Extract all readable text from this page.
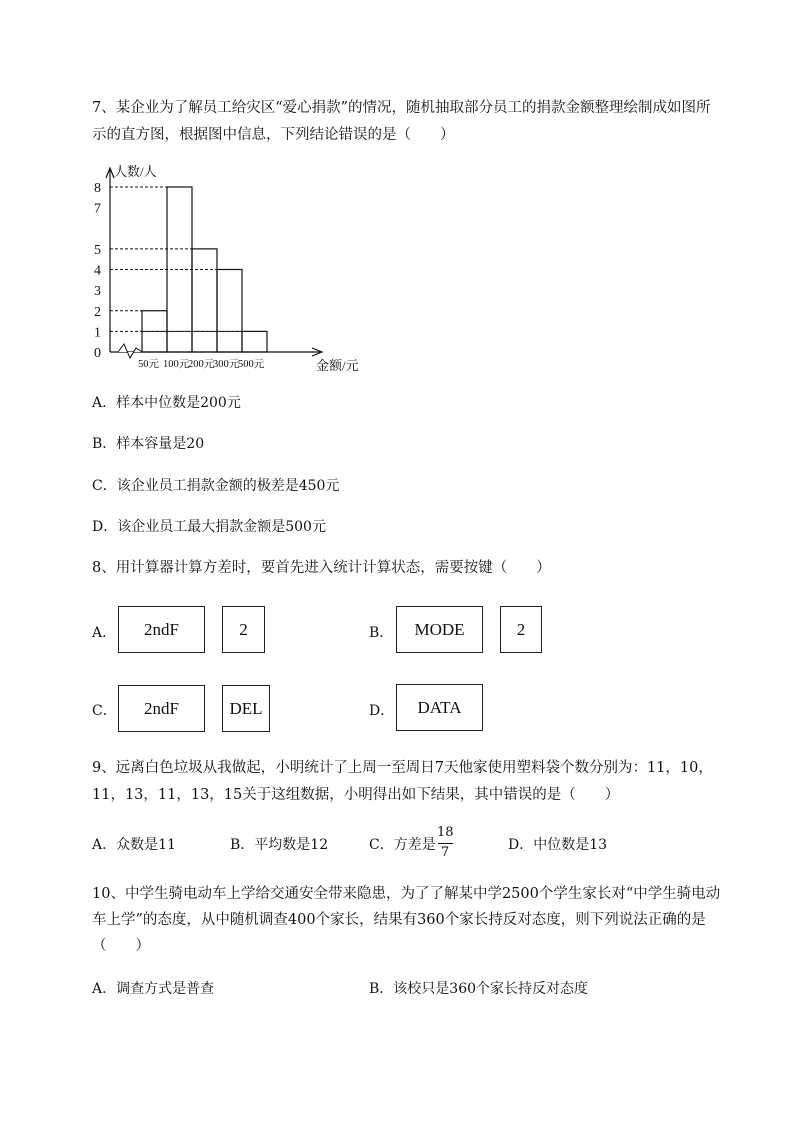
7、某企业为了解员工给灾区“爱心捐款”的情况，随机抽取部分员工的捐款金额整理绘制成如图所
示的直方图，根据图中信息，下列结论错误的是（　　）
人数/人
金额/元
0
1
2
3
4
5
7
8
50元 100元
200元
300元
500元
A．样本中位数是200元
B．样本容量是20
C．该企业员工捐款金额的极差是450元
D．该企业员工最大捐款金额是500元
8、用计算器计算方差时，要首先进入统计计算状态，需要按键（　　）
A．	2ndF	2	B．	MODE	2
C．	2ndF	DEL	D．	DATA
9、远离白色垃圾从我做起，小明统计了上周一至周日7天他家使用塑料袋个数分别为：11，10，
11，13，11，13，15关于这组数据，小明得出如下结果，其中错误的是（　　）
A．众数是11	B．平均数是12	C．方差是
18
7	D．中位数是13
10、中学生骑电动车上学给交通安全带来隐患，为了了解某中学2500个学生家长对“中学生骑电动
车上学”的态度，从中随机调查400个家长，结果有360个家长持反对态度，则下列说法正确的是
（　　）
A．调查方式是普查	B．该校只是360个家长持反对态度
